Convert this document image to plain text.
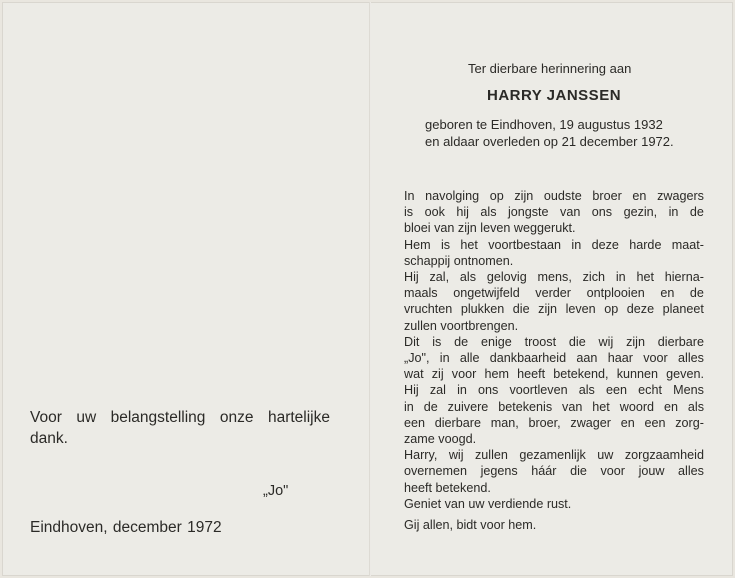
Voor uw belangstelling onze hartelijke
dank.
„Jo"
Eindhoven, december 1972
Ter dierbare herinnering aan
HARRY JANSSEN
geboren te Eindhoven, 19 augustus 1932
en aldaar overleden op 21 december 1972.
In navolging op zijn oudste broer en zwagers
is ook hij als jongste van ons gezin, in de
bloei van zijn leven weggerukt.
Hem is het voortbestaan in deze harde maat-
schappij ontnomen.
Hij zal, als gelovig mens, zich in het hierna-
maals ongetwijfeld verder ontplooien en de
vruchten plukken die zijn leven op deze planeet
zullen voortbrengen.
Dit is de enige troost die wij zijn dierbare
„Jo", in alle dankbaarheid aan haar voor alles
wat zij voor hem heeft betekend, kunnen geven.
Hij zal in ons voortleven als een echt Mens
in de zuivere betekenis van het woord en als
een dierbare man, broer, zwager en een zorg-
zame voogd.
Harry, wij zullen gezamenlijk uw zorgzaamheid
overnemen jegens háár die voor jouw alles
heeft betekend.
Geniet van uw verdiende rust.
Gij allen, bidt voor hem.
